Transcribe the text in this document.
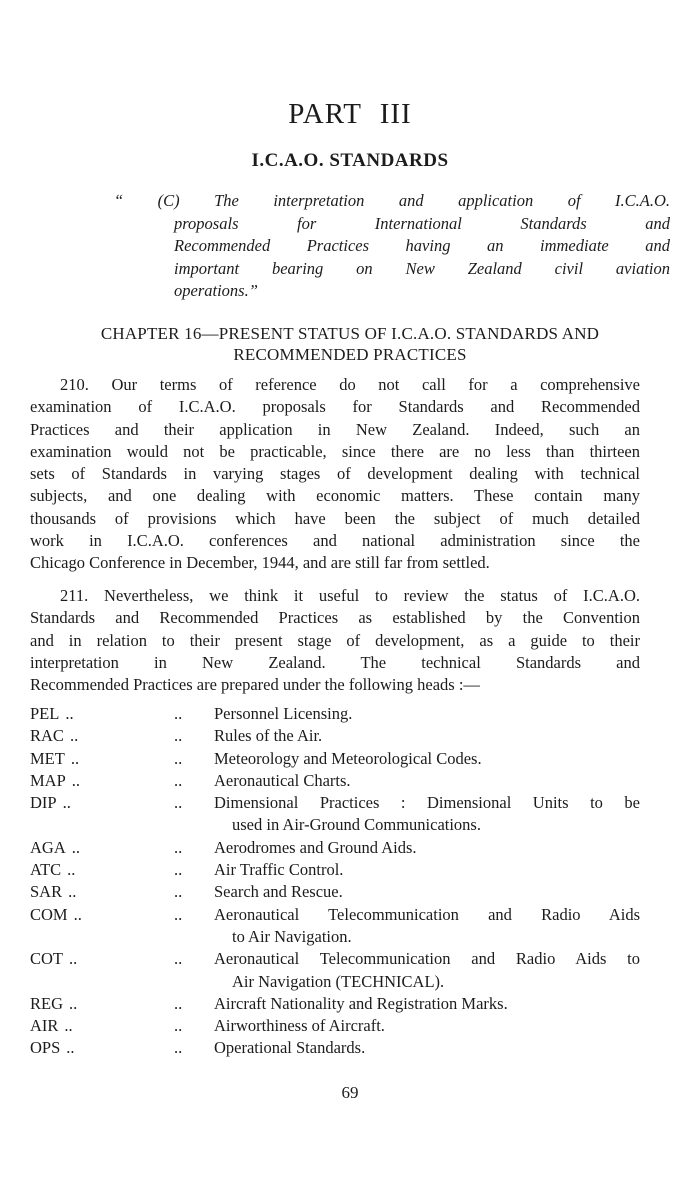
PART III
I.C.A.O. STANDARDS
“ (C) The interpretation and application of I.C.A.O.
proposals for International Standards and
Recommended Practices having an immediate and
important bearing on New Zealand civil aviation
operations.”
CHAPTER 16—PRESENT STATUS OF I.C.A.O. STANDARDS AND
RECOMMENDED PRACTICES

210. Our terms of reference do not call for a comprehensive
examination of I.C.A.O. proposals for Standards and Recommended
Practices and their application in New Zealand. Indeed, such an
examination would not be practicable, since there are no less than thirteen
sets of Standards in varying stages of development dealing with technical
subjects, and one dealing with economic matters. These contain many
thousands of provisions which have been the subject of much detailed
work in I.C.A.O. conferences and national administration since the
Chicago Conference in December, 1944, and are still far from settled.

211. Nevertheless, we think it useful to review the status of I.C.A.O.
Standards and Recommended Practices as established by the Convention
and in relation to their present stage of development, as a guide to their
interpretation in New Zealand. The technical Standards and
Recommended Practices are prepared under the following heads :—

PEL ..	..	Personnel Licensing.
RAC ..	..	Rules of the Air.
MET ..	..	Meteorology and Meteorological Codes.
MAP ..	..	Aeronautical Charts.
DIP ..	..	Dimensional Practices : Dimensional Units to be
used in Air-Ground Communications.
AGA ..	..	Aerodromes and Ground Aids.
ATC ..	..	Air Traffic Control.
SAR ..	..	Search and Rescue.
COM ..	..	Aeronautical Telecommunication and Radio Aids
to Air Navigation.
COT ..	..	Aeronautical Telecommunication and Radio Aids to
Air Navigation (TECHNICAL).
REG ..	..	Aircraft Nationality and Registration Marks.
AIR ..	..	Airworthiness of Aircraft.
OPS ..	..	Operational Standards.
69
